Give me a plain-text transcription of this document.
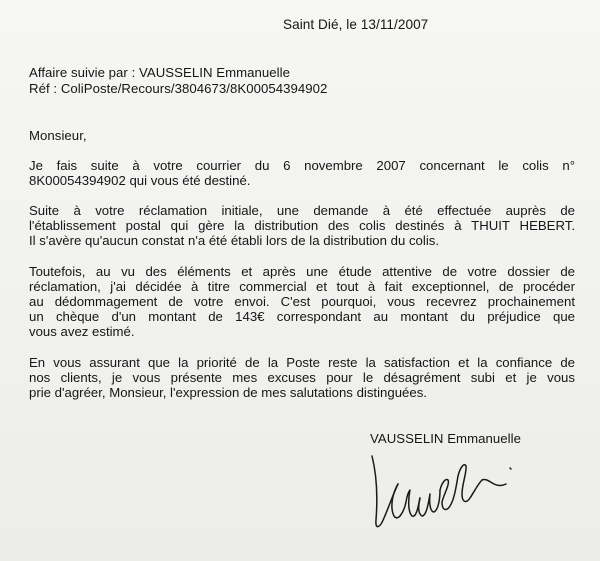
Saint Dié, le 13/11/2007
Affaire suivie par : VAUSSELIN Emmanuelle
Réf : ColiPoste/Recours/3804673/8K00054394902
Monsieur,
Je fais suite à votre courrier du 6 novembre 2007 concernant le colis n°
8K00054394902 qui vous été destiné.
Suite à votre réclamation initiale, une demande à été effectuée auprès de
l'établissement postal qui gère la distribution des colis destinés à THUIT HEBERT.
Il s'avère qu'aucun constat n'a été établi lors de la distribution du colis.
Toutefois, au vu des éléments et après une étude attentive de votre dossier de
réclamation, j'ai décidée à titre commercial et tout à fait exceptionnel, de procéder
au dédommagement de votre envoi. C'est pourquoi, vous recevrez prochainement
un chèque d'un montant de 143€ correspondant au montant du préjudice que
vous avez estimé.
En vous assurant que la priorité de la Poste reste la satisfaction et la confiance de
nos clients, je vous présente mes excuses pour le désagrément subi et je vous
prie d'agréer, Monsieur, l'expression de mes salutations distinguées.
VAUSSELIN Emmanuelle
